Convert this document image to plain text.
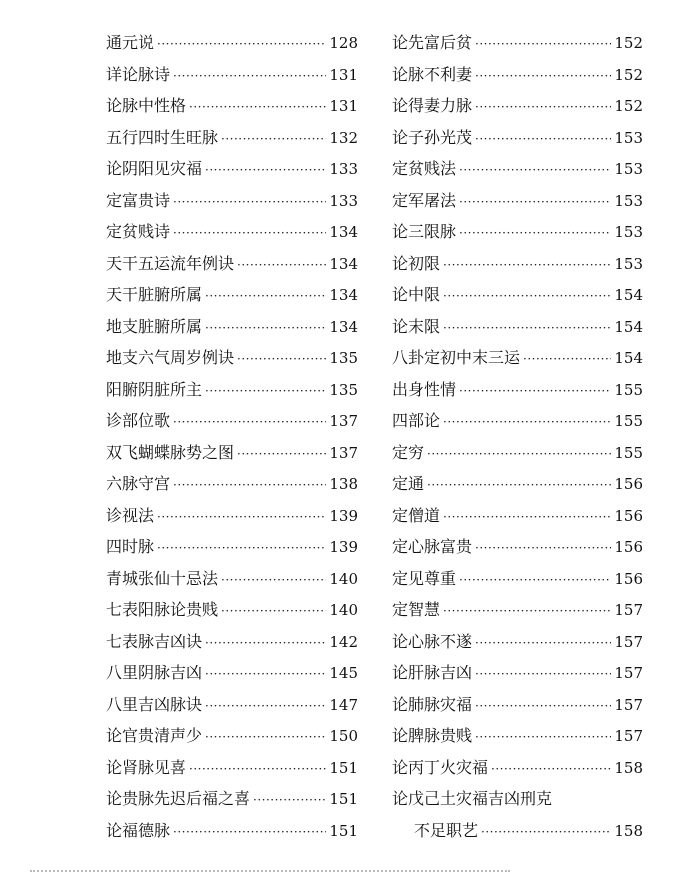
通元说 ·····	128
详论脉诗 ·····	131
论脉中性格 ·····	131
五行四时生旺脉 ·····	132
论阴阳见灾福 ·····	133
定富贵诗 ·····	133
定贫贱诗 ·····	134
天干五运流年例诀 ·····	134
天干脏腑所属 ·····	134
地支脏腑所属 ·····	134
地支六气周岁例诀 ·····	135
阳腑阴脏所主 ·····	135
诊部位歌 ·····	137
双飞蝴蝶脉势之图 ·····	137
六脉守宫 ·····	138
诊视法 ·····	139
四时脉 ·····	139
青城张仙十忌法 ·····	140
七表阳脉论贵贱 ·····	140
七表脉吉凶诀 ·····	142
八里阴脉吉凶 ·····	145
八里吉凶脉诀 ·····	147
论官贵清声少 ·····	150
论肾脉见喜 ·····	151
论贵脉先迟后福之喜 ·····	151
论福德脉 ·····	151
论先富后贫 ·····	152
论脉不利妻 ·····	152
论得妻力脉 ·····	152
论子孙光茂 ·····	153
定贫贱法 ·····	153
定军屠法 ·····	153
论三限脉 ·····	153
论初限 ·····	153
论中限 ·····	154
论末限 ·····	154
八卦定初中末三运 ·····	154
出身性情 ·····	155
四部论 ·····	155
定穷 ·····	155
定通 ·····	156
定僧道 ·····	156
定心脉富贵 ·····	156
定见尊重 ·····	156
定智慧 ·····	157
论心脉不遂 ·····	157
论肝脉吉凶 ·····	157
论肺脉灾福 ·····	157
论脾脉贵贱 ·····	157
论丙丁火灾福 ·····	158
论戊己土灾福吉凶刑克
不足职艺 ·····	158
